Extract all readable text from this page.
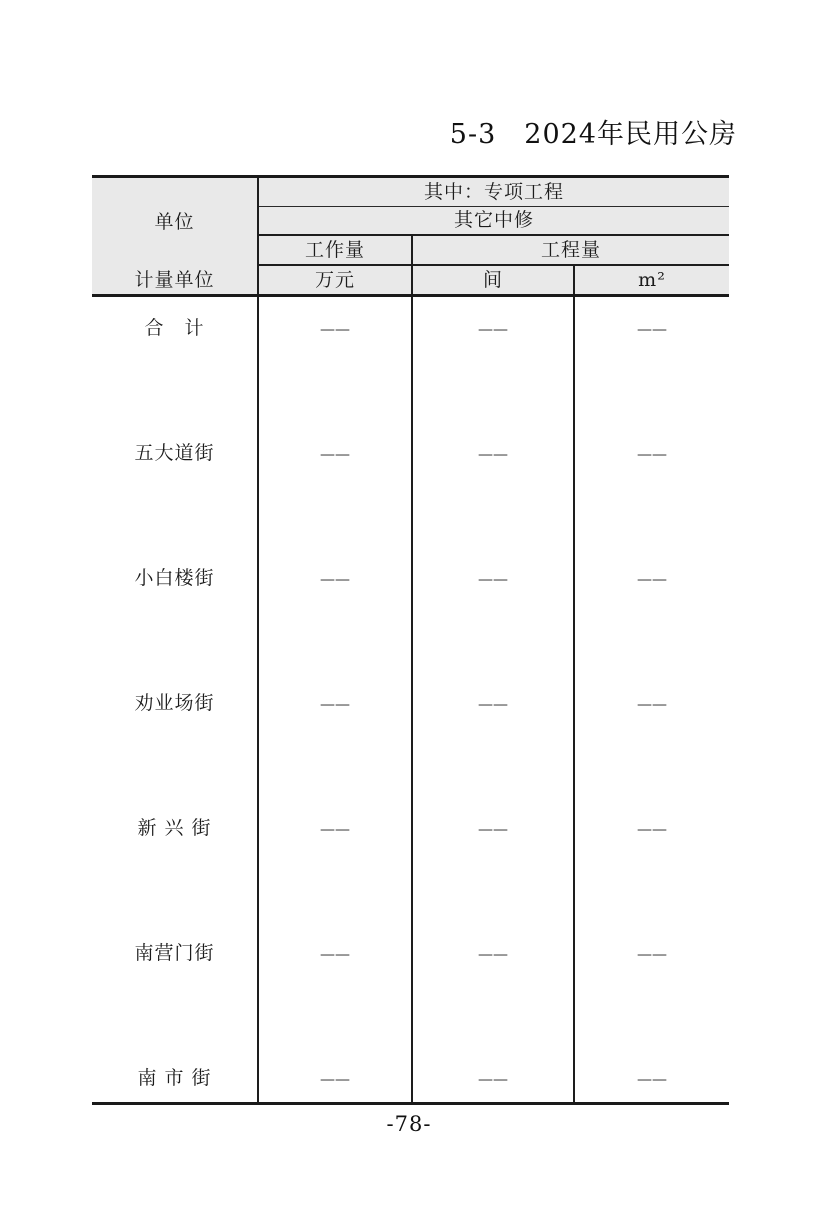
5-3　2024年民用公房
单位
其中：专项工程
其它中修
工作量	工程量
计量单位	万元	间	m²
合　计	——	——	——
五大道街	——	——	——
小白楼街	——	——	——
劝业场街	——	——	——
新 兴 街	——	——	——
南营门街	——	——	——
南 市 街	——	——	——
-78-
